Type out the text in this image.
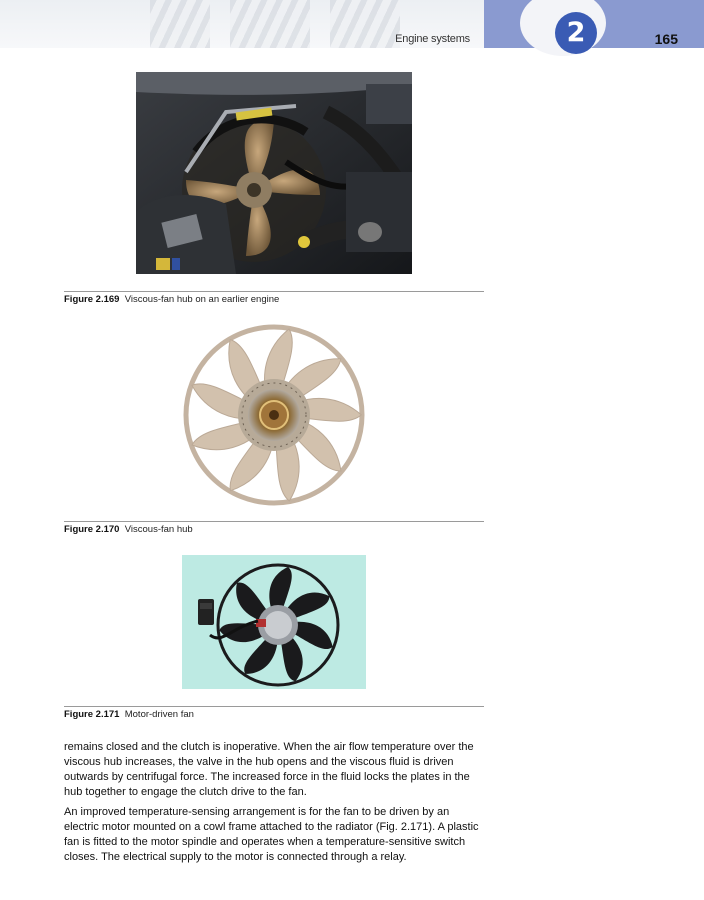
Engine systems	2	165
Figure 2.169 Viscous-fan hub on an earlier engine
Figure 2.170 Viscous-fan hub
Figure 2.171 Motor-driven fan

remains closed and the clutch is inoperative. When the air flow temperature over the viscous hub increases, the valve in the hub opens and the viscous fluid is driven outwards by centrifugal force. The increased force in the fluid locks the plates in the hub together to engage the clutch drive to the fan.

An improved temperature-sensing arrangement is for the fan to be driven by an electric motor mounted on a cowl frame attached to the radiator (Fig. 2.171). A plastic fan is fitted to the motor spindle and operates when a temperature-sensitive switch closes. The electrical supply to the motor is connected through a relay.
